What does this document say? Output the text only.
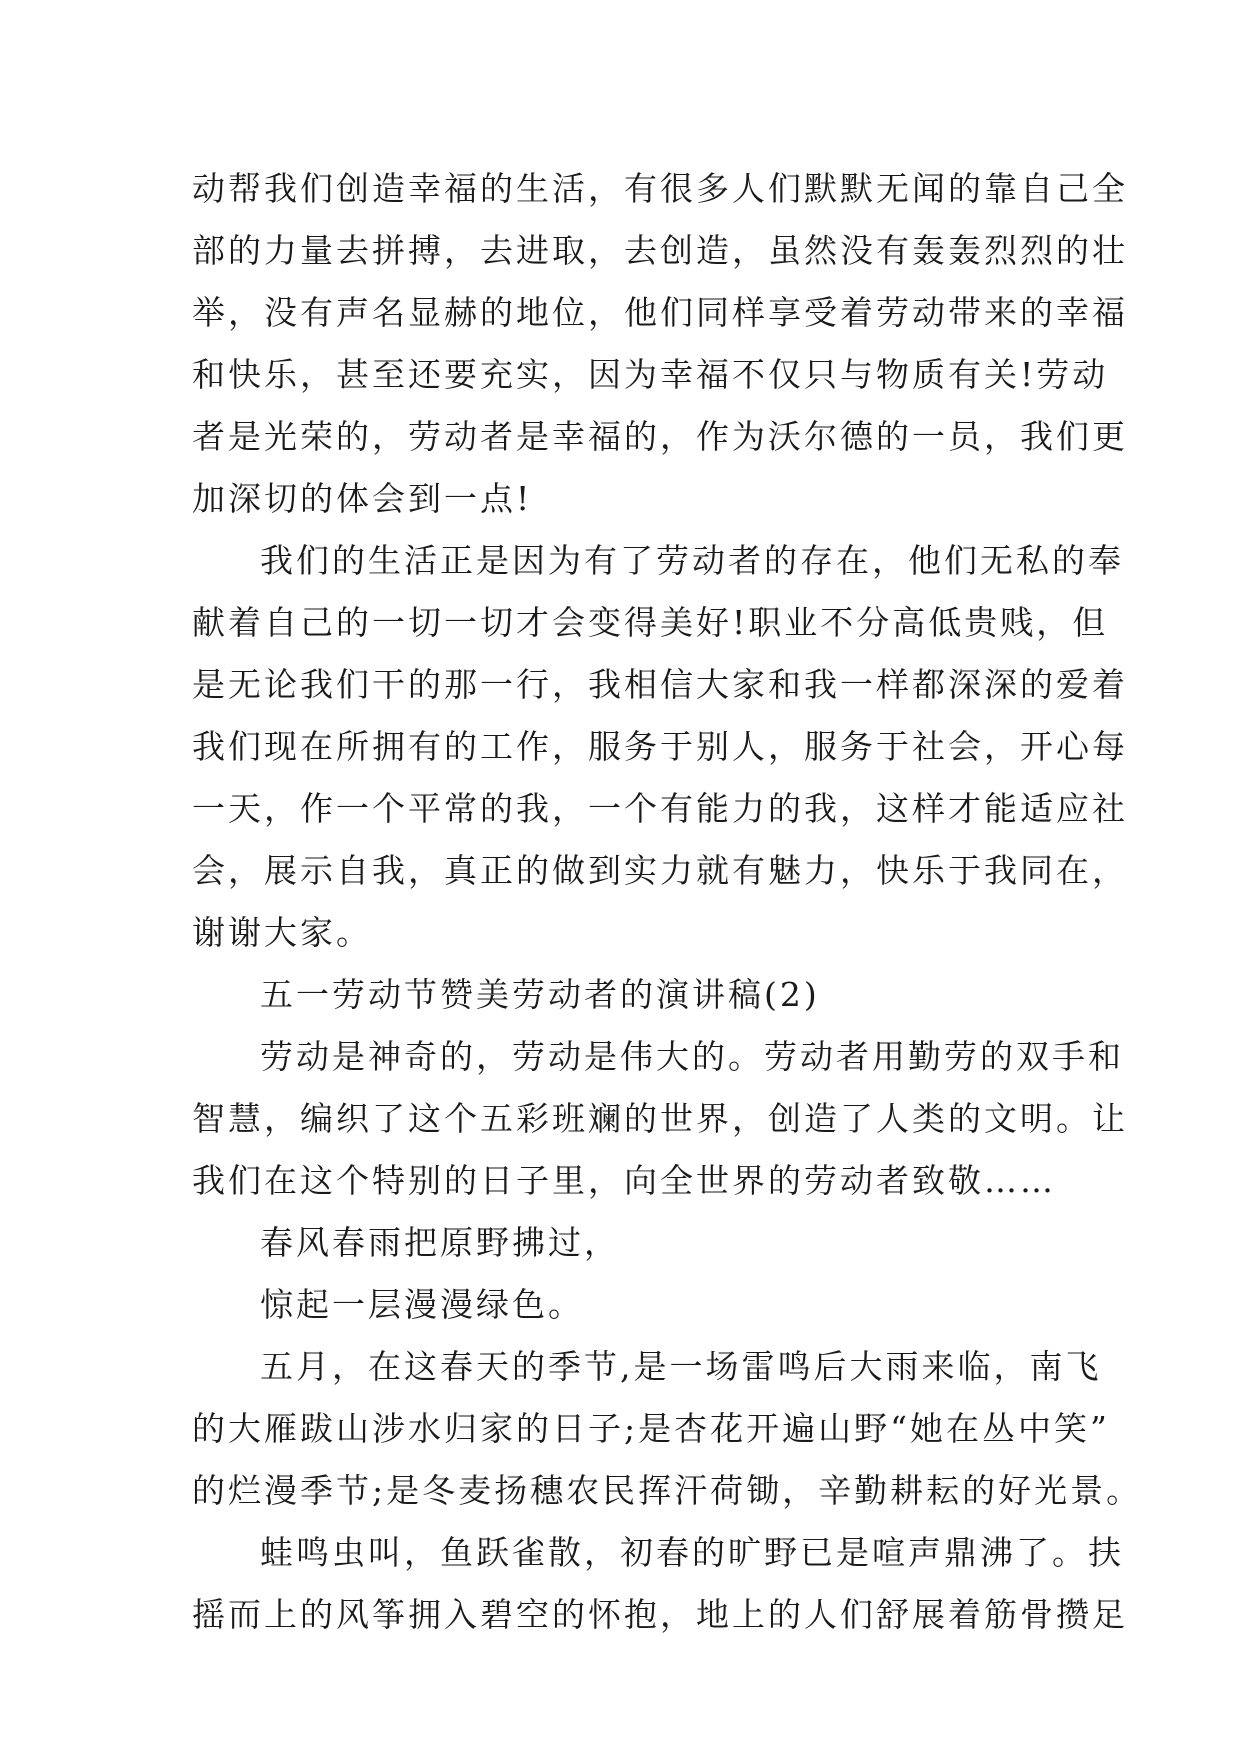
动帮我们创造幸福的生活，有很多人们默默无闻的靠自己全
部的力量去拼搏，去进取，去创造，虽然没有轰轰烈烈的壮
举，没有声名显赫的地位，他们同样享受着劳动带来的幸福
和快乐，甚至还要充实，因为幸福不仅只与物质有关!劳动
者是光荣的，劳动者是幸福的，作为沃尔德的一员，我们更
加深切的体会到一点!
我们的生活正是因为有了劳动者的存在，他们无私的奉
献着自己的一切一切才会变得美好!职业不分高低贵贱，但
是无论我们干的那一行，我相信大家和我一样都深深的爱着
我们现在所拥有的工作，服务于别人，服务于社会，开心每
一天，作一个平常的我，一个有能力的我，这样才能适应社
会，展示自我，真正的做到实力就有魅力，快乐于我同在，
谢谢大家。
五一劳动节赞美劳动者的演讲稿(2)
劳动是神奇的，劳动是伟大的。劳动者用勤劳的双手和
智慧，编织了这个五彩班斓的世界，创造了人类的文明。让
我们在这个特别的日子里，向全世界的劳动者致敬……
春风春雨把原野拂过，
惊起一层漫漫绿色。
五月，在这春天的季节,是一场雷鸣后大雨来临，南飞
的大雁跋山涉水归家的日子;是杏花开遍山野“她在丛中笑”
的烂漫季节;是冬麦扬穗农民挥汗荷锄，辛勤耕耘的好光景。
蛙鸣虫叫，鱼跃雀散，初春的旷野已是喧声鼎沸了。扶
摇而上的风筝拥入碧空的怀抱，地上的人们舒展着筋骨攒足
